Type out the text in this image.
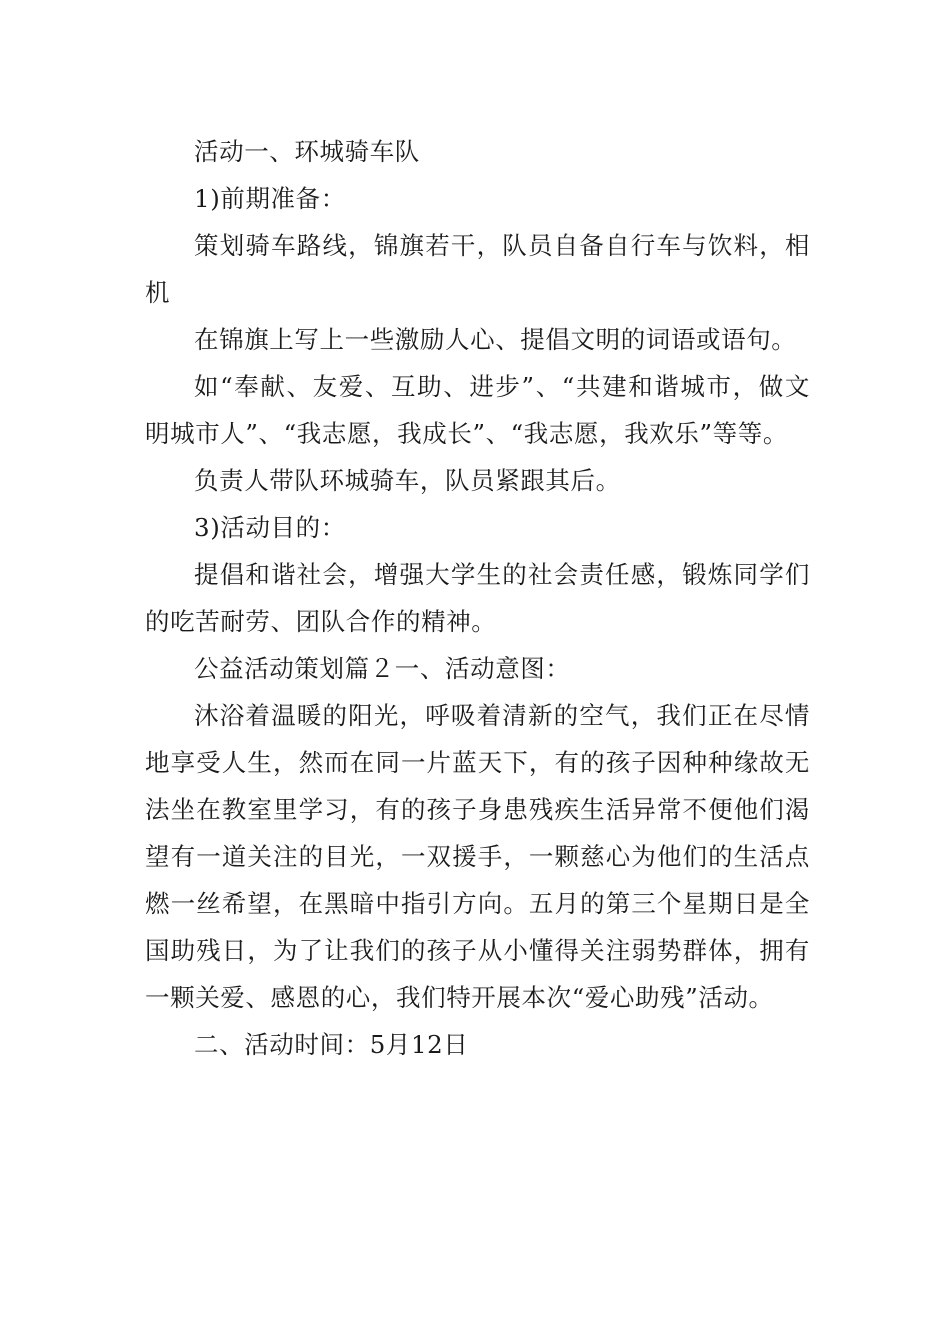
活动一、环城骑车队

1)前期准备：

策划骑车路线，锦旗若干，队员自备自行车与饮料，相机

在锦旗上写上一些激励人心、提倡文明的词语或语句。

如“奉献、友爱、互助、进步”、“共建和谐城市，做文明城市人”、“我志愿，我成长”、“我志愿，我欢乐”等等。

负责人带队环城骑车，队员紧跟其后。

3)活动目的：

提倡和谐社会，增强大学生的社会责任感，锻炼同学们的吃苦耐劳、团队合作的精神。

公益活动策划篇２一、活动意图：

沐浴着温暖的阳光，呼吸着清新的空气，我们正在尽情地享受人生，然而在同一片蓝天下，有的孩子因种种缘故无法坐在教室里学习，有的孩子身患残疾生活异常不便他们渴望有一道关注的目光，一双援手，一颗慈心为他们的生活点燃一丝希望，在黑暗中指引方向。五月的第三个星期日是全国助残日，为了让我们的孩子从小懂得关注弱势群体，拥有一颗关爱、感恩的心，我们特开展本次“爱心助残”活动。

二、活动时间：5月12日
